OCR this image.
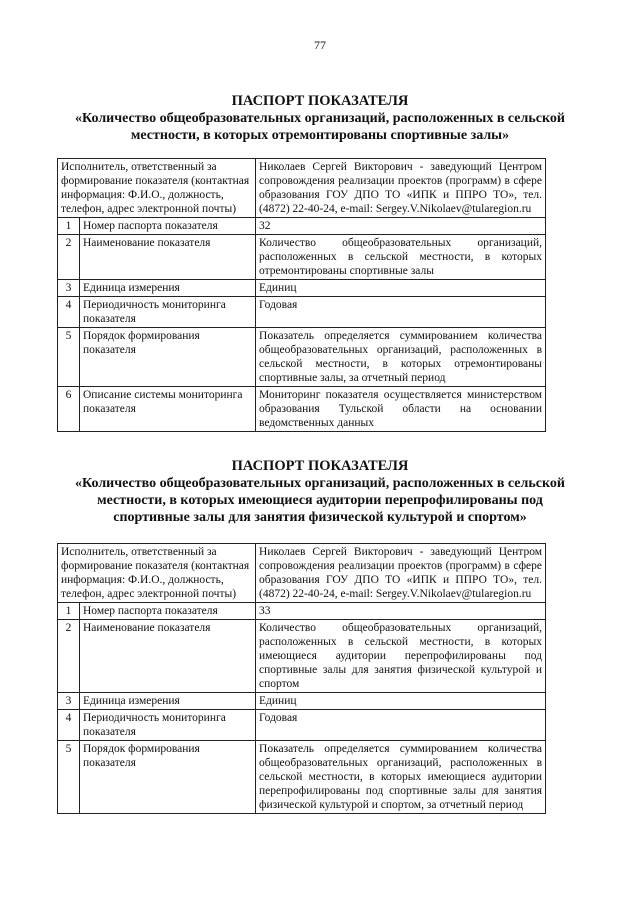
77
ПАСПОРТ ПОКАЗАТЕЛЯ

«Количество общеобразовательных организаций, расположенных в сельской местности, в которых отремонтированы спортивные залы»

Исполнитель, ответственный за формирование показателя (контактная информация: Ф.И.О., должность, телефон, адрес электронной почты)		Николаев Сергей Викторович - заведующий Центром сопровождения реализации проектов (программ) в сфере образования ГОУ ДПО ТО «ИПК и ППРО ТО», тел. (4872) 22-40-24, e-mail: Sergey.V.Nikolaev@tularegion.ru
1	Номер паспорта показателя	32
2	Наименование показателя	Количество общеобразовательных организаций, расположенных в сельской местности, в которых отремонтированы спортивные залы
3	Единица измерения	Единиц
4	Периодичность мониторинга показателя	Годовая
5	Порядок формирования показателя	Показатель определяется суммированием количества общеобразовательных организаций, расположенных в сельской местности, в которых отремонтированы спортивные залы, за отчетный период
6	Описание системы мониторинга показателя	Мониторинг показателя осуществляется министерством образования Тульской области на основании ведомственных данных
ПАСПОРТ ПОКАЗАТЕЛЯ

«Количество общеобразовательных организаций, расположенных в сельской местности, в которых имеющиеся аудитории перепрофилированы под спортивные залы для занятия физической культурой и спортом»

Исполнитель, ответственный за формирование показателя (контактная информация: Ф.И.О., должность, телефон, адрес электронной почты)		Николаев Сергей Викторович - заведующий Центром сопровождения реализации проектов (программ) в сфере образования ГОУ ДПО ТО «ИПК и ППРО ТО», тел. (4872) 22-40-24, e-mail: Sergey.V.Nikolaev@tularegion.ru
1	Номер паспорта показателя	33
2	Наименование показателя	Количество общеобразовательных организаций, расположенных в сельской местности, в которых имеющиеся аудитории перепрофилированы под спортивные залы для занятия физической культурой и спортом
3	Единица измерения	Единиц
4	Периодичность мониторинга показателя	Годовая
5	Порядок формирования показателя	Показатель определяется суммированием количества общеобразовательных организаций, расположенных в сельской местности, в которых имеющиеся аудитории перепрофилированы под спортивные залы для занятия физической культурой и спортом, за отчетный период
